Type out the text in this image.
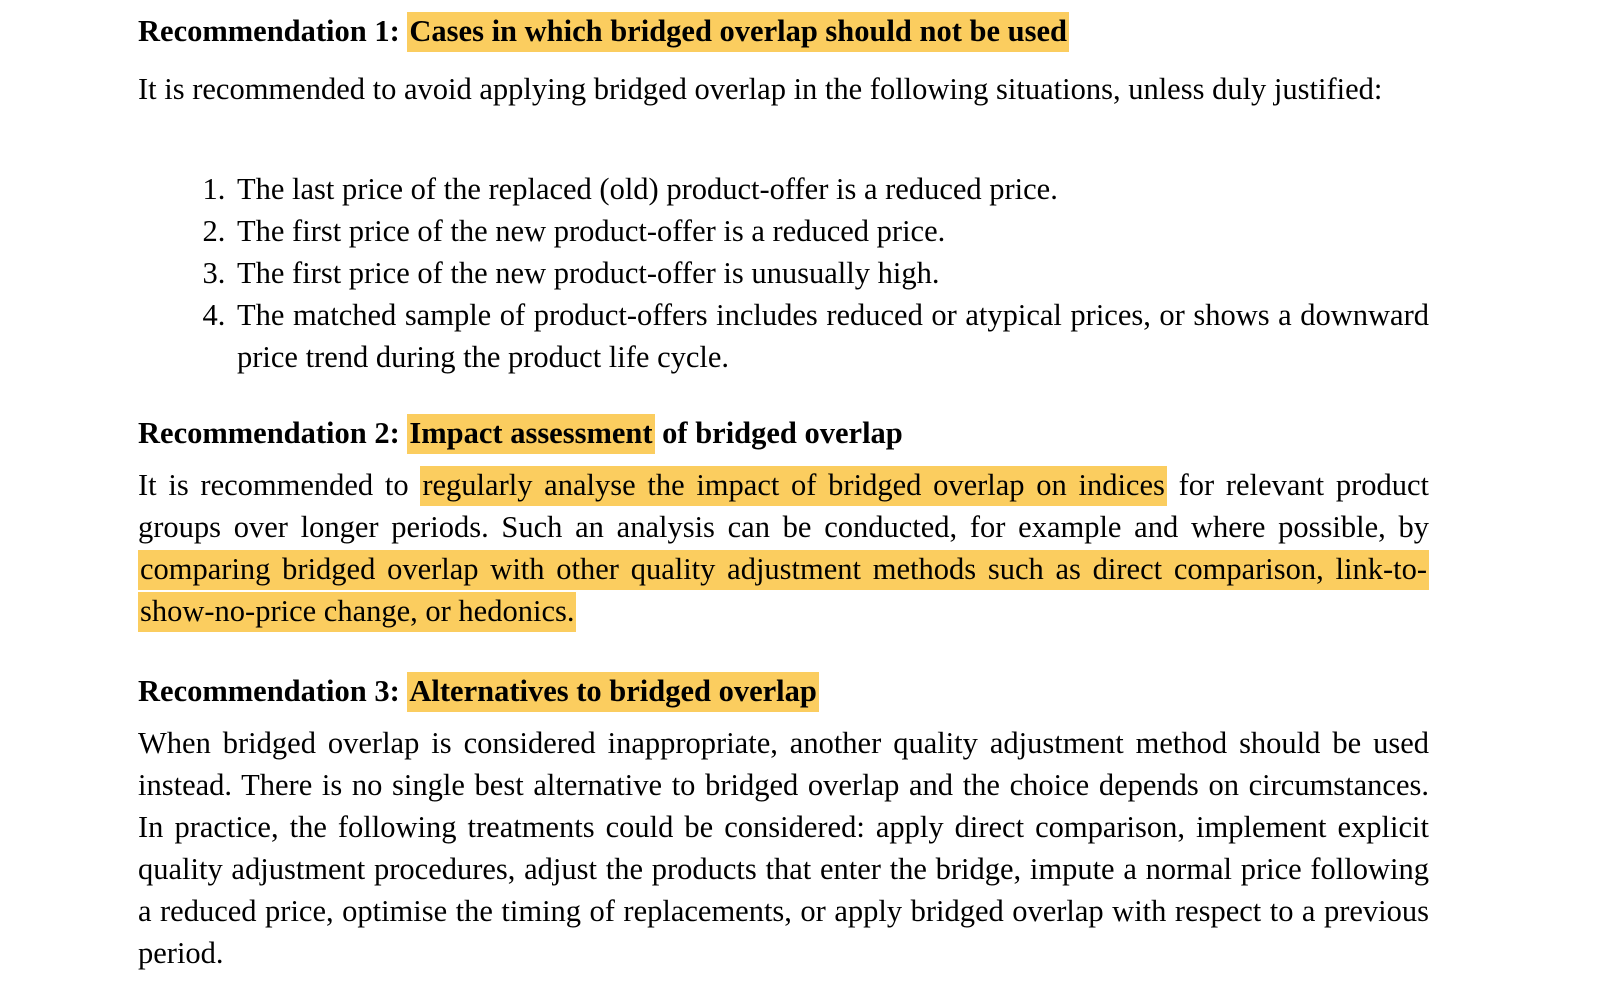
Recommendation 1: Cases in which bridged overlap should not be used

It is recommended to avoid applying bridged overlap in the following situations, unless duly justified:

1. The last price of the replaced (old) product-offer is a reduced price.
2. The first price of the new product-offer is a reduced price.
3. The first price of the new product-offer is unusually high.
4. The matched sample of product-offers includes reduced or atypical prices, or shows a downward price trend during the product life cycle.

Recommendation 2: Impact assessment of bridged overlap

It is recommended to regularly analyse the impact of bridged overlap on indices for relevant product groups over longer periods. Such an analysis can be conducted, for example and where possible, by comparing bridged overlap with other quality adjustment methods such as direct comparison, link-to-show-no-price change, or hedonics.

Recommendation 3: Alternatives to bridged overlap

When bridged overlap is considered inappropriate, another quality adjustment method should be used instead. There is no single best alternative to bridged overlap and the choice depends on circumstances. In practice, the following treatments could be considered: apply direct comparison, implement explicit quality adjustment procedures, adjust the products that enter the bridge, impute a normal price following a reduced price, optimise the timing of replacements, or apply bridged overlap with respect to a previous period.
